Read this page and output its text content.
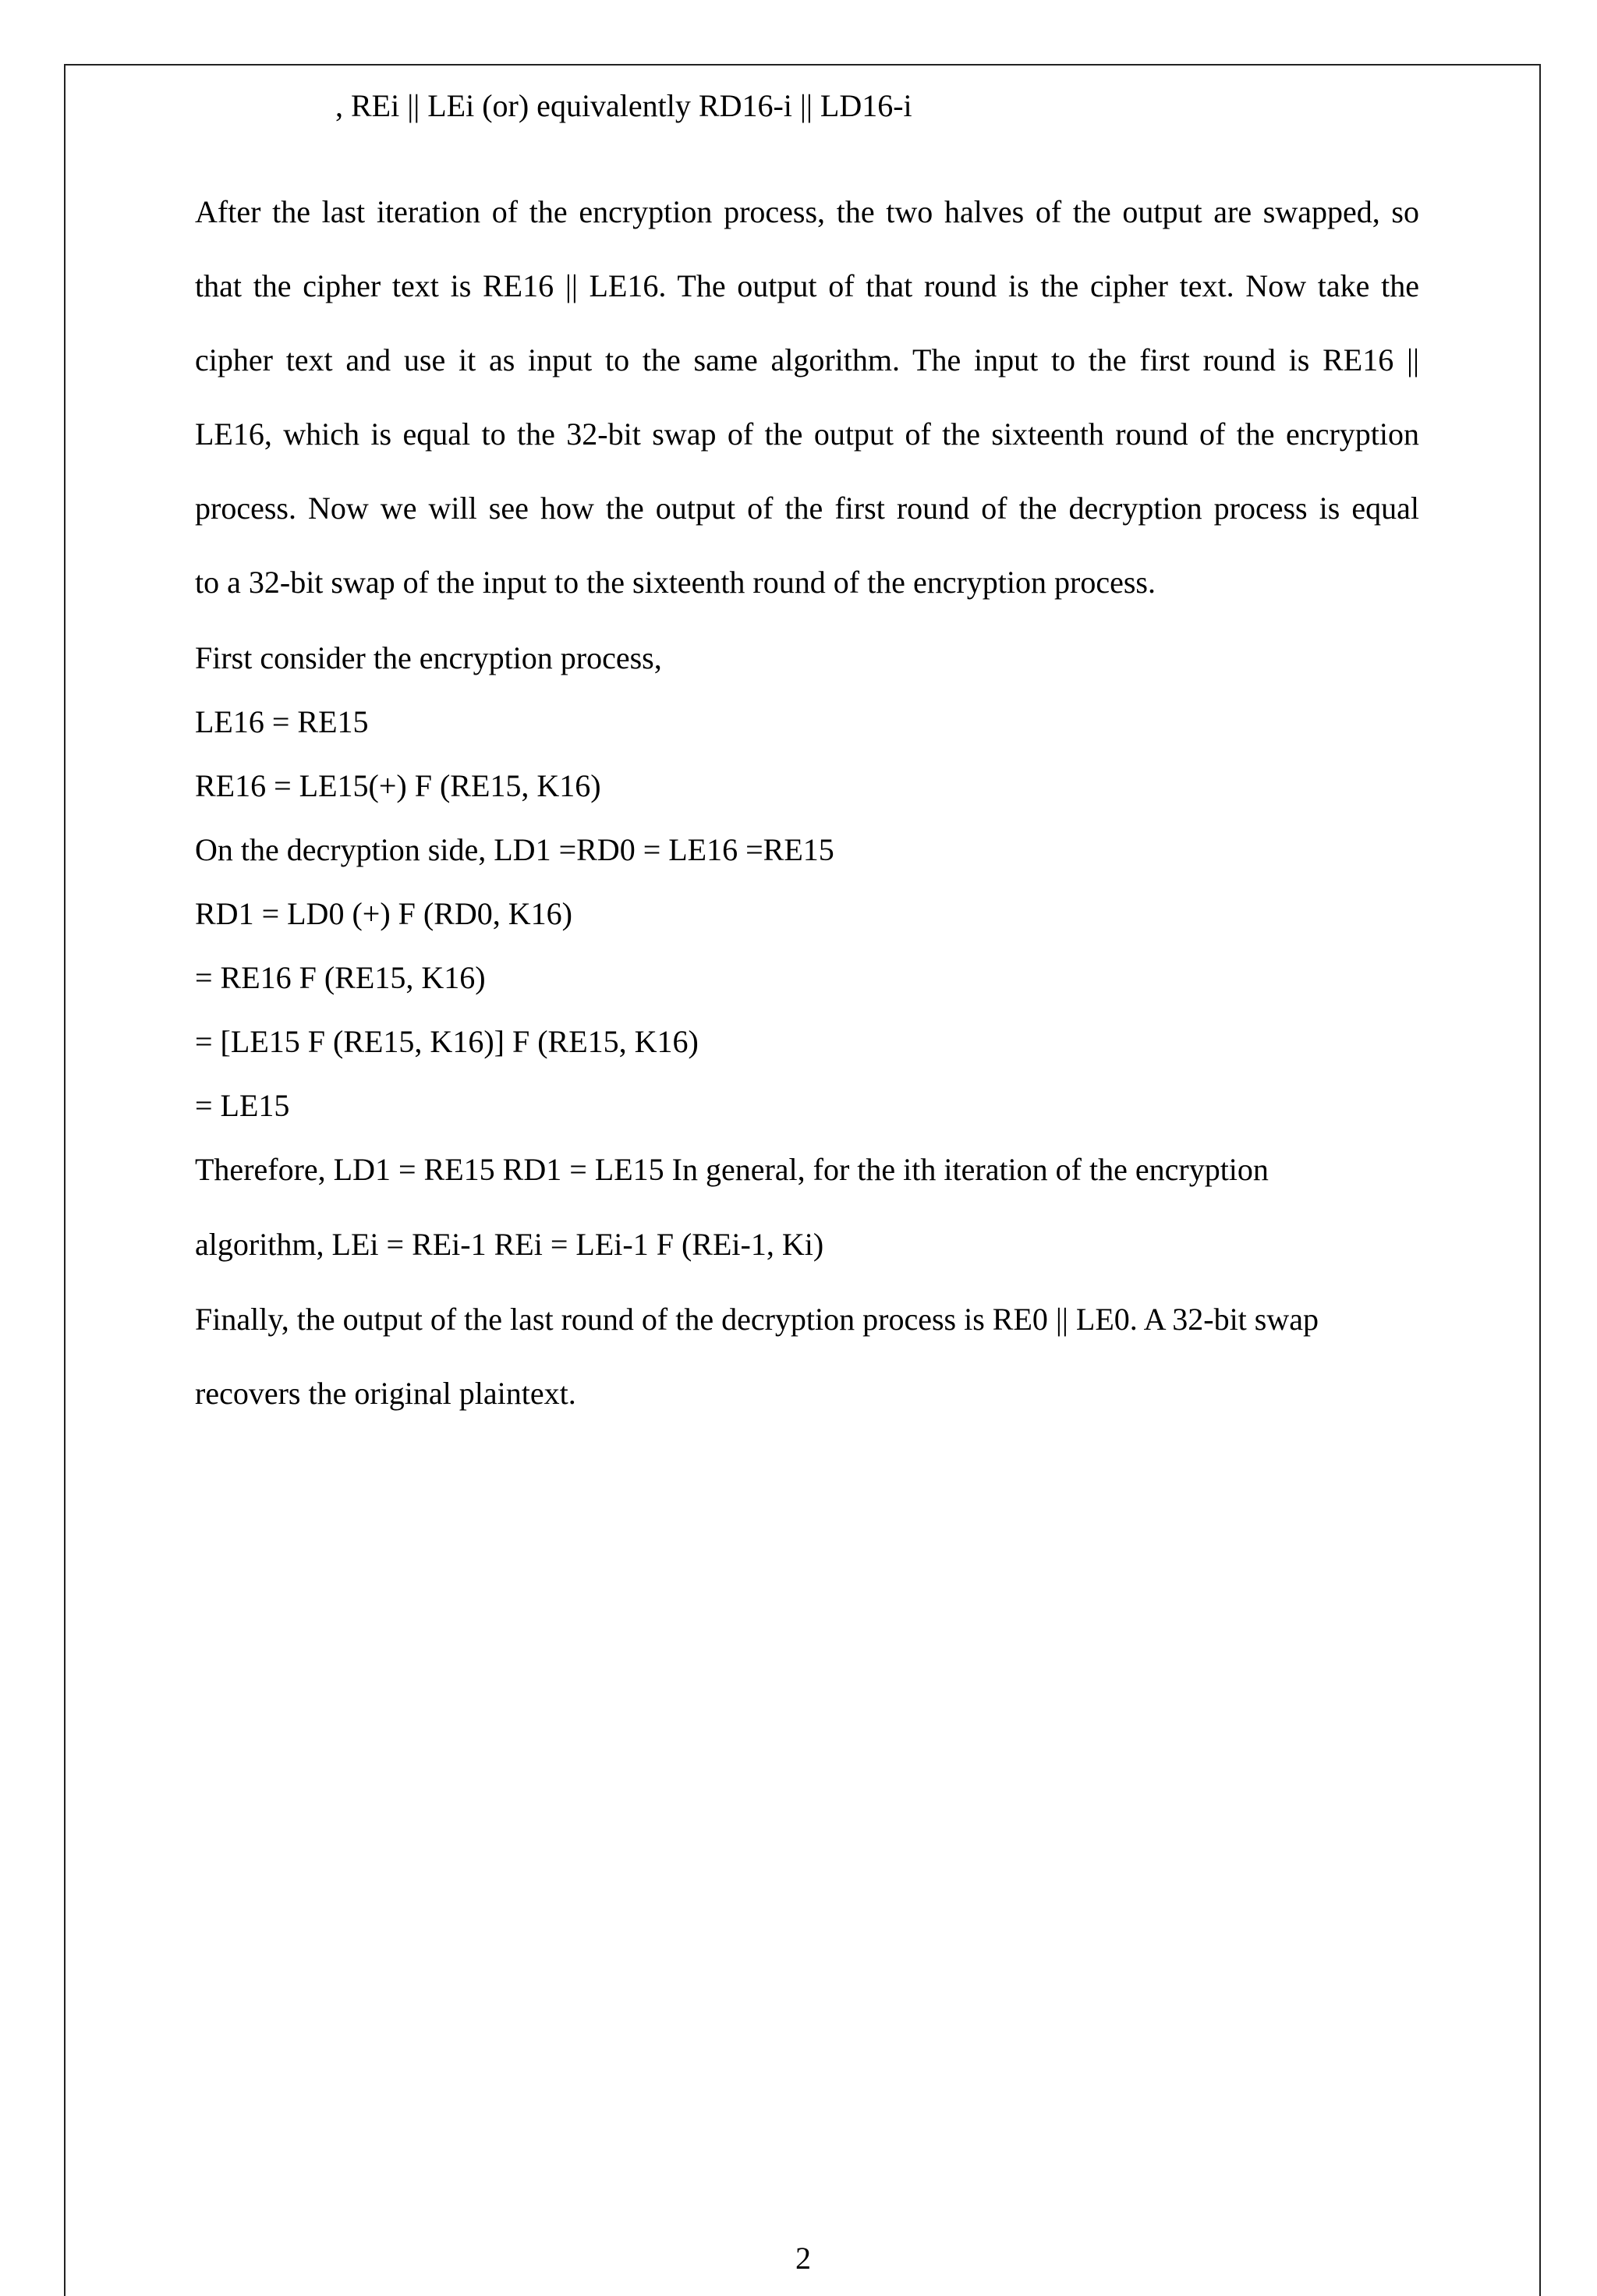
, REi || LEi (or) equivalently RD16-i || LD16-i
After the last iteration of the encryption process, the two halves of the output are swapped, so
that the cipher text is RE16 || LE16. The output of that round is the cipher text. Now take the
cipher text and use it as input to the same algorithm. The input to the first round is RE16 ||
LE16, which is equal to the 32-bit swap of the output of the sixteenth round of the encryption
process. Now we will see how the output of the first round of the decryption process is equal
to a 32-bit swap of the input to the sixteenth round of the encryption process.
First consider the encryption process,
LE16 = RE15
RE16 = LE15(+) F (RE15, K16)
On the decryption side, LD1 =RD0 = LE16 =RE15
RD1 = LD0 (+) F (RD0, K16)
= RE16 F (RE15, K16)
= [LE15 F (RE15, K16)] F (RE15, K16)
= LE15
Therefore, LD1 = RE15 RD1 = LE15 In general, for the ith iteration of the encryption
algorithm, LEi = REi-1 REi = LEi-1 F (REi-1, Ki)
Finally, the output of the last round of the decryption process is RE0 || LE0. A 32-bit swap
recovers the original plaintext.
2
